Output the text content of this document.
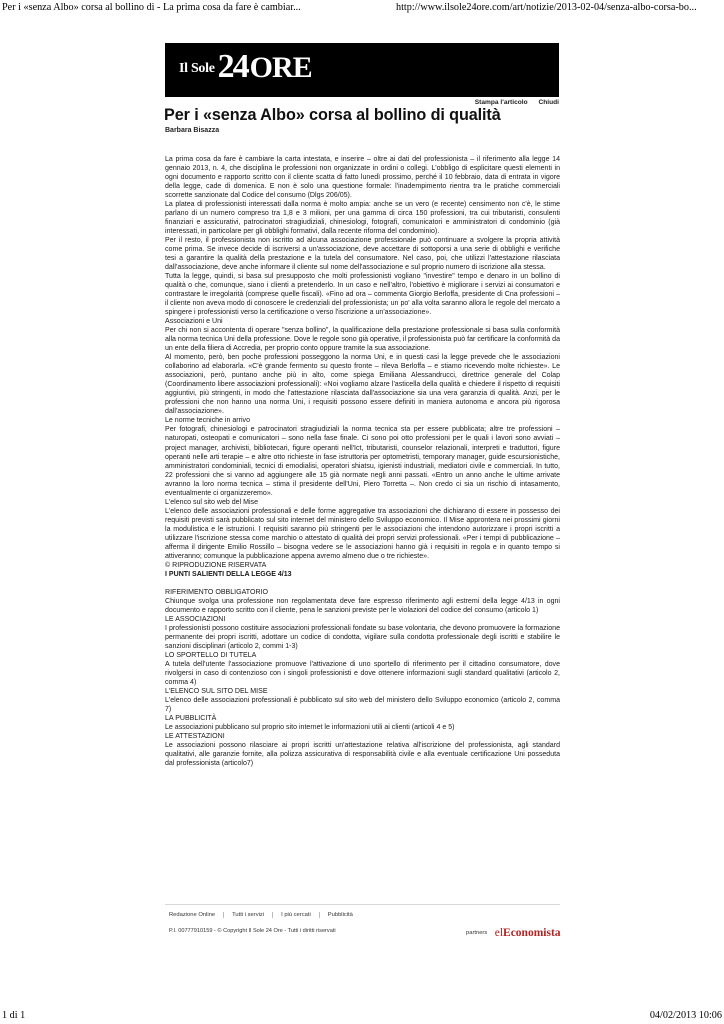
Per i «senza Albo» corsa al bollino di - La prima cosa da fare è cambiar...	http://www.ilsole24ore.com/art/notizie/2013-02-04/senza-albo-corsa-bo...
Il Sole24ORE
Stampa l'articolo Chiudi
Per i «senza Albo» corsa al bollino di qualità
Barbara Bisazza

La prima cosa da fare è cambiare la carta intestata, e inserire – oltre ai dati del professionista – il riferimento alla legge 14 gennaio 2013, n. 4, che disciplina le professioni non organizzate in ordini o collegi. L'obbligo di esplicitare questi elementi in ogni documento e rapporto scritto con il cliente scatta di fatto lunedì prossimo, perché il 10 febbraio, data di entrata in vigore della legge, cade di domenica. E non è solo una questione formale: l'inadempimento rientra tra le pratiche commerciali scorrette sanzionate dal Codice del consumo (Dlgs 206/05).

La platea di professionisti interessati dalla norma è molto ampia: anche se un vero (e recente) censimento non c'è, le stime parlano di un numero compreso tra 1,8 e 3 milioni, per una gamma di circa 150 professioni, tra cui tributaristi, consulenti finanziari e assicurativi, patrocinatori stragiudiziali, chinesiologi, fotografi, comunicatori e amministratori di condominio (già interessati, in particolare per gli obblighi formativi, dalla recente riforma del condominio).

Per il resto, il professionista non iscritto ad alcuna associazione professionale può continuare a svolgere la propria attività come prima. Se invece decide di iscriversi a un'associazione, deve accettare di sottoporsi a una serie di obblighi e verifiche tesi a garantire la qualità della prestazione e la tutela del consumatore. Nel caso, poi, che utilizzi l'attestazione rilasciata dall'associazione, deve anche informare il cliente sul nome dell'associazione e sul proprio numero di iscrizione alla stessa.

Tutta la legge, quindi, si basa sul presupposto che molti professionisti vogliano "investire" tempo e denaro in un bollino di qualità o che, comunque, siano i clienti a pretenderlo. In un caso e nell'altro, l'obiettivo è migliorare i servizi ai consumatori e contrastare le irregolarità (comprese quelle fiscali). «Fino ad ora – commenta Giorgio Berloffa, presidente di Cna professioni – il cliente non aveva modo di conoscere le credenziali del professionista; un po' alla volta saranno allora le regole del mercato a spingere i professionisti verso la certificazione o verso l'iscrizione a un'associazione».

Associazioni e Uni

Per chi non si accontenta di operare "senza bollino", la qualificazione della prestazione professionale si basa sulla conformità alla norma tecnica Uni della professione. Dove le regole sono già operative, il professionista può far certificare la conformità da un ente della filiera di Accredia, per proprio conto oppure tramite la sua associazione.

Al momento, però, ben poche professioni posseggono la norma Uni, e in questi casi la legge prevede che le associazioni collaborino ad elaborarla. «C'è grande fermento su questo fronte – rileva Berloffa – e stiamo ricevendo molte richieste». Le associazioni, però, puntano anche più in alto, come spiega Emiliana Alessandrucci, direttrice generale del Colap (Coordinamento libere associazioni professionali): «Noi vogliamo alzare l'asticella della qualità e chiedere il rispetto di requisiti aggiuntivi, più stringenti, in modo che l'attestazione rilasciata dall'associazione sia una vera garanzia di qualità. Anzi, per le professioni che non hanno una norma Uni, i requisiti possono essere definiti in maniera autonoma e ancora più rigorosa dall'associazione».

Le norme tecniche in arrivo

Per fotografi, chinesiologi e patrocinatori stragiudiziali la norma tecnica sta per essere pubblicata; altre tre professioni – naturopati, osteopati e comunicatori – sono nella fase finale. Ci sono poi otto professioni per le quali i lavori sono avviati – project manager, archivisti, bibliotecari, figure operanti nell'Ict, tributaristi, counselor relazionali, interpreti e traduttori, figure operanti nelle arti terapie – e altre otto richieste in fase istruttoria per optometristi, temporary manager, guide escursionistiche, amministratori condominiali, tecnici di emodialisi, operatori shiatsu, igienisti industriali, mediatori civile e commerciali. In tutto, 22 professioni che si vanno ad aggiungere alle 15 già normate negli anni passati. «Entro un anno anche le ultime arrivate avranno la loro norma tecnica – stima il presidente dell'Uni, Piero Torretta –. Non credo ci sia un rischio di intasamento, eventualmente ci organizzeremo».

L'elenco sul sito web del Mise

L'elenco delle associazioni professionali e delle forme aggregative tra associazioni che dichiarano di essere in possesso dei requisiti previsti sarà pubblicato sul sito internet del ministero dello Sviluppo economico. Il Mise approntera nei prossimi giorni la modulistica e le istruzioni. I requisiti saranno più stringenti per le associazioni che intendono autorizzare i propri iscritti a utilizzare l'iscrizione stessa come marchio o attestato di qualità dei propri servizi professionali. «Per i tempi di pubblicazione – afferma il dirigente Emilio Rossillo – bisogna vedere se le associazioni hanno già i requisiti in regola e in quanto tempo si attiveranno; comunque la pubblicazione appena avremo almeno due o tre richieste».

© RIPRODUZIONE RISERVATA

I PUNTI SALIENTI DELLA LEGGE 4/13

RIFERIMENTO OBBLIGATORIO

Chiunque svolga una professione non regolamentata deve fare espresso riferimento agli estremi della legge 4/13 in ogni documento e rapporto scritto con il cliente, pena le sanzioni previste per le violazioni del codice del consumo (articolo 1)

LE ASSOCIAZIONI

I professionisti possono costituire associazioni professionali fondate su base volontaria, che devono promuovere la formazione permanente dei propri iscritti, adottare un codice di condotta, vigilare sulla condotta professionale degli iscritti e stabilire le sanzioni disciplinari (articolo 2, commi 1-3)

LO SPORTELLO DI TUTELA

A tutela dell'utente l'associazione promuove l'attivazione di uno sportello di riferimento per il cittadino consumatore, dove rivolgersi in caso di contenzioso con i singoli professionisti e dove ottenere informazioni sugli standard qualitativi (articolo 2, comma 4)

L'ELENCO SUL SITO DEL MISE

L'elenco delle associazioni professionali è pubblicato sul sito web del ministero dello Sviluppo economico (articolo 2, comma 7)

LA PUBBLICITÀ

Le associazioni pubblicano sul proprio sito internet le informazioni utili ai clienti (articoli 4 e 5)

LE ATTESTAZIONI

Le associazioni possono rilasciare ai propri iscritti un'attestazione relativa all'iscrizione del professionista, agli standard qualitativi, alle garanzie fornite, alla polizza assicurativa di responsabilità civile e alla eventuale certificazione Uni posseduta dal professionista (articolo7)

Redazione Online	Tutti i servizi	I più cercati	Pubblicità
P.I. 00777910159 - © Copyright Il Sole 24 Ore - Tutti i diritti riservati	partners elEconomista
1 di 1	04/02/2013 10:06
